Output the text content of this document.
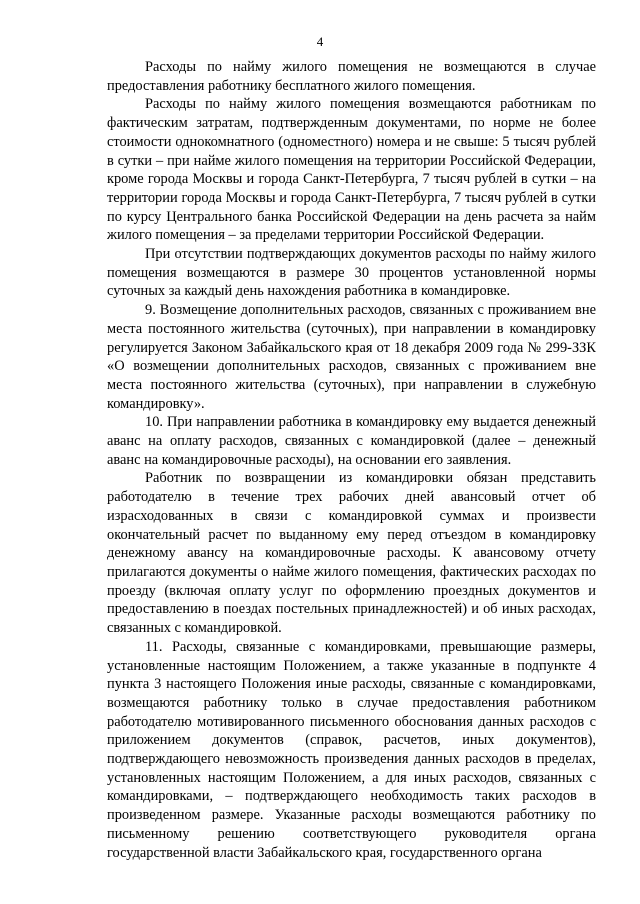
4

Расходы по найму жилого помещения не возмещаются в случае предоставления работнику бесплатного жилого помещения.

Расходы по найму жилого помещения возмещаются работникам по фактическим затратам, подтвержденным документами, по норме не более стоимости однокомнатного (одноместного) номера и не свыше: 5 тысяч рублей в сутки – при найме жилого помещения на территории Российской Федерации, кроме города Москвы и города Санкт-Петербурга, 7 тысяч рублей в сутки – на территории города Москвы и города Санкт-Петербурга, 7 тысяч рублей в сутки по курсу Центрального банка Российской Федерации на день расчета за найм жилого помещения – за пределами территории Российской Федерации.

При отсутствии подтверждающих документов расходы по найму жилого помещения возмещаются в размере 30 процентов установленной нормы суточных за каждый день нахождения работника в командировке.

9. Возмещение дополнительных расходов, связанных с проживанием вне места постоянного жительства (суточных), при направлении в командировку регулируется Законом Забайкальского края от 18 декабря 2009 года № 299-ЗЗК «О возмещении дополнительных расходов, связанных с проживанием вне места постоянного жительства (суточных), при направлении в служебную командировку».

10. При направлении работника в командировку ему выдается денежный аванс на оплату расходов, связанных с командировкой (далее – денежный аванс на командировочные расходы), на основании его заявления.

Работник по возвращении из командировки обязан представить работодателю в течение трех рабочих дней авансовый отчет об израсходованных в связи с командировкой суммах и произвести окончательный расчет по выданному ему перед отъездом в командировку денежному авансу на командировочные расходы. К авансовому отчету прилагаются документы о найме жилого помещения, фактических расходах по проезду (включая оплату услуг по оформлению проездных документов и предоставлению в поездах постельных принадлежностей) и об иных расходах, связанных с командировкой.

11. Расходы, связанные с командировками, превышающие размеры, установленные настоящим Положением, а также указанные в подпункте 4 пункта 3 настоящего Положения иные расходы, связанные с командировками, возмещаются работнику только в случае предоставления работником работодателю мотивированного письменного обоснования данных расходов с приложением документов (справок, расчетов, иных документов), подтверждающего невозможность произведения данных расходов в пределах, установленных настоящим Положением, а для иных расходов, связанных с командировками, – подтверждающего необходимость таких расходов в произведенном размере. Указанные расходы возмещаются работнику по письменному решению соответствующего руководителя органа государственной власти Забайкальского края, государственного органа
